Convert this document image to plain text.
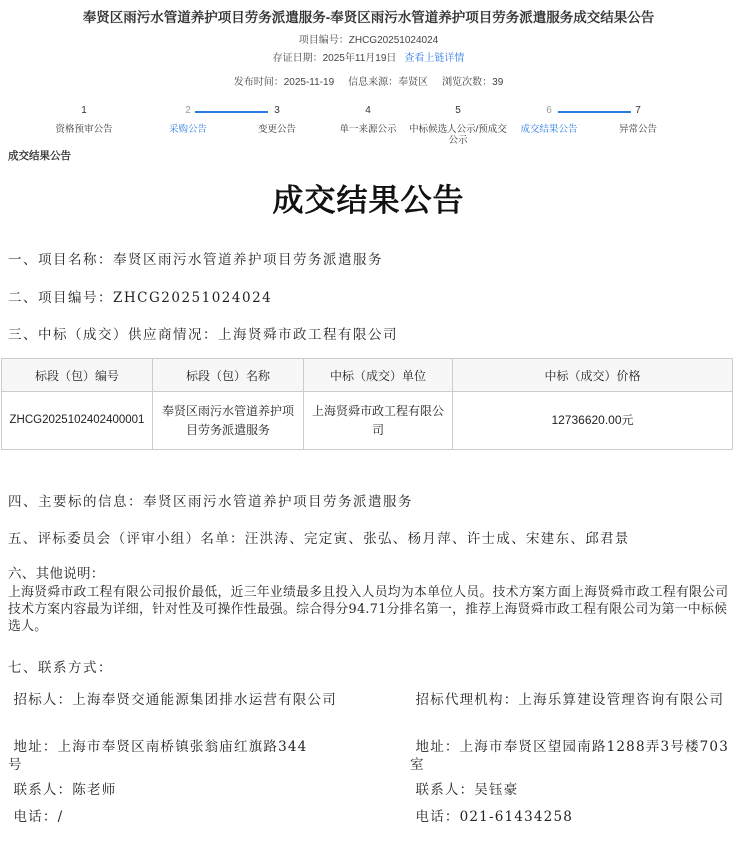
奉贤区雨污水管道养护项目劳务派遣服务-奉贤区雨污水管道养护项目劳务派遣服务成交结果公告
项目编号：ZHCG20251024024
存证日期：2025年11月19日 查看上链详情
发布时间：2025-11-19 信息来源：奉贤区 浏览次数：39
1
资格预审公告
2
采购公告
3
变更公告
4
单一来源公示
5
中标候选人公示/预成交公示
6
成交结果公告
7
异常公告
成交结果公告
成交结果公告
一、项目名称：奉贤区雨污水管道养护项目劳务派遣服务
二、项目编号：ZHCG20251024024
三、中标（成交）供应商情况：上海贤舜市政工程有限公司
标段（包）编号	标段（包）名称	中标（成交）单位	中标（成交）价格
ZHCG2025102402400001	奉贤区雨污水管道养护项目劳务派遣服务	上海贤舜市政工程有限公司	12736620.00元
四、主要标的信息：奉贤区雨污水管道养护项目劳务派遣服务
五、评标委员会（评审小组）名单：汪洪涛、完定寅、张弘、杨月萍、许士成、宋建东、邱君景
六、其他说明：
上海贤舜市政工程有限公司报价最低，近三年业绩最多且投入人员均为本单位人员。技术方案方面上海贤舜市政工程有限公司技术方案内容最为详细，针对性及可操作性最强。综合得分94.71分排名第一，推荐上海贤舜市政工程有限公司为第一中标候选人。
七、联系方式：
招标人：上海奉贤交通能源集团排水运营有限公司	招标代理机构：上海乐算建设管理咨询有限公司
地址：上海市奉贤区南桥镇张翁庙红旗路344号
地址：上海市奉贤区望园南路1288弄3号楼703室
联系人：陈老师	联系人：吴钰豪
电话：/	电话：021-61434258
